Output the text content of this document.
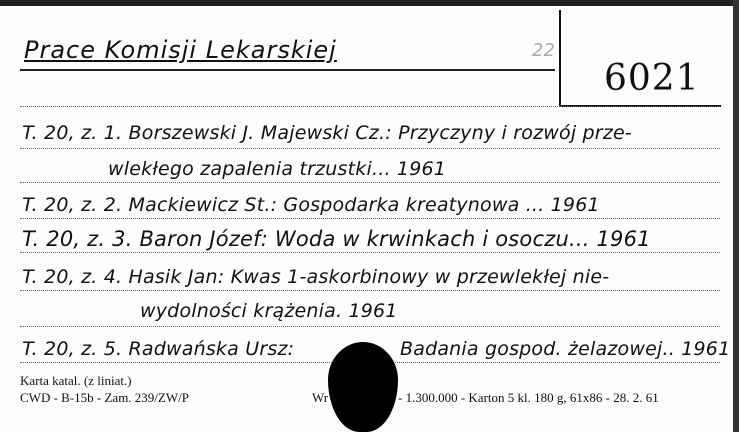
Prace Komisji Lekarskiej	22
6021
T. 20, z. 1. Borszewski J. Majewski Cz.: Przyczyny i rozwój prze-
wlekłego zapalenia trzustki... 1961
T. 20, z. 2. Mackiewicz St.: Gospodarka kreatynowa ... 1961
T. 20, z. 3. Baron Józef: Woda w krwinkach i osoczu... 1961
T. 20, z. 4. Hasik Jan: Kwas 1-askorbinowy w przewlekłej nie-
wydolności krążenia. 1961
T. 20, z. 5. Radwańska Ursz:	Badania gospod. żelazowej.. 1961
Karta katal. (z liniat.)
CWD - B-15b - Zam. 239/ZW/P	Wr	- 1.300.000 - Karton 5 kl. 180 g, 61x86 - 28. 2. 61
